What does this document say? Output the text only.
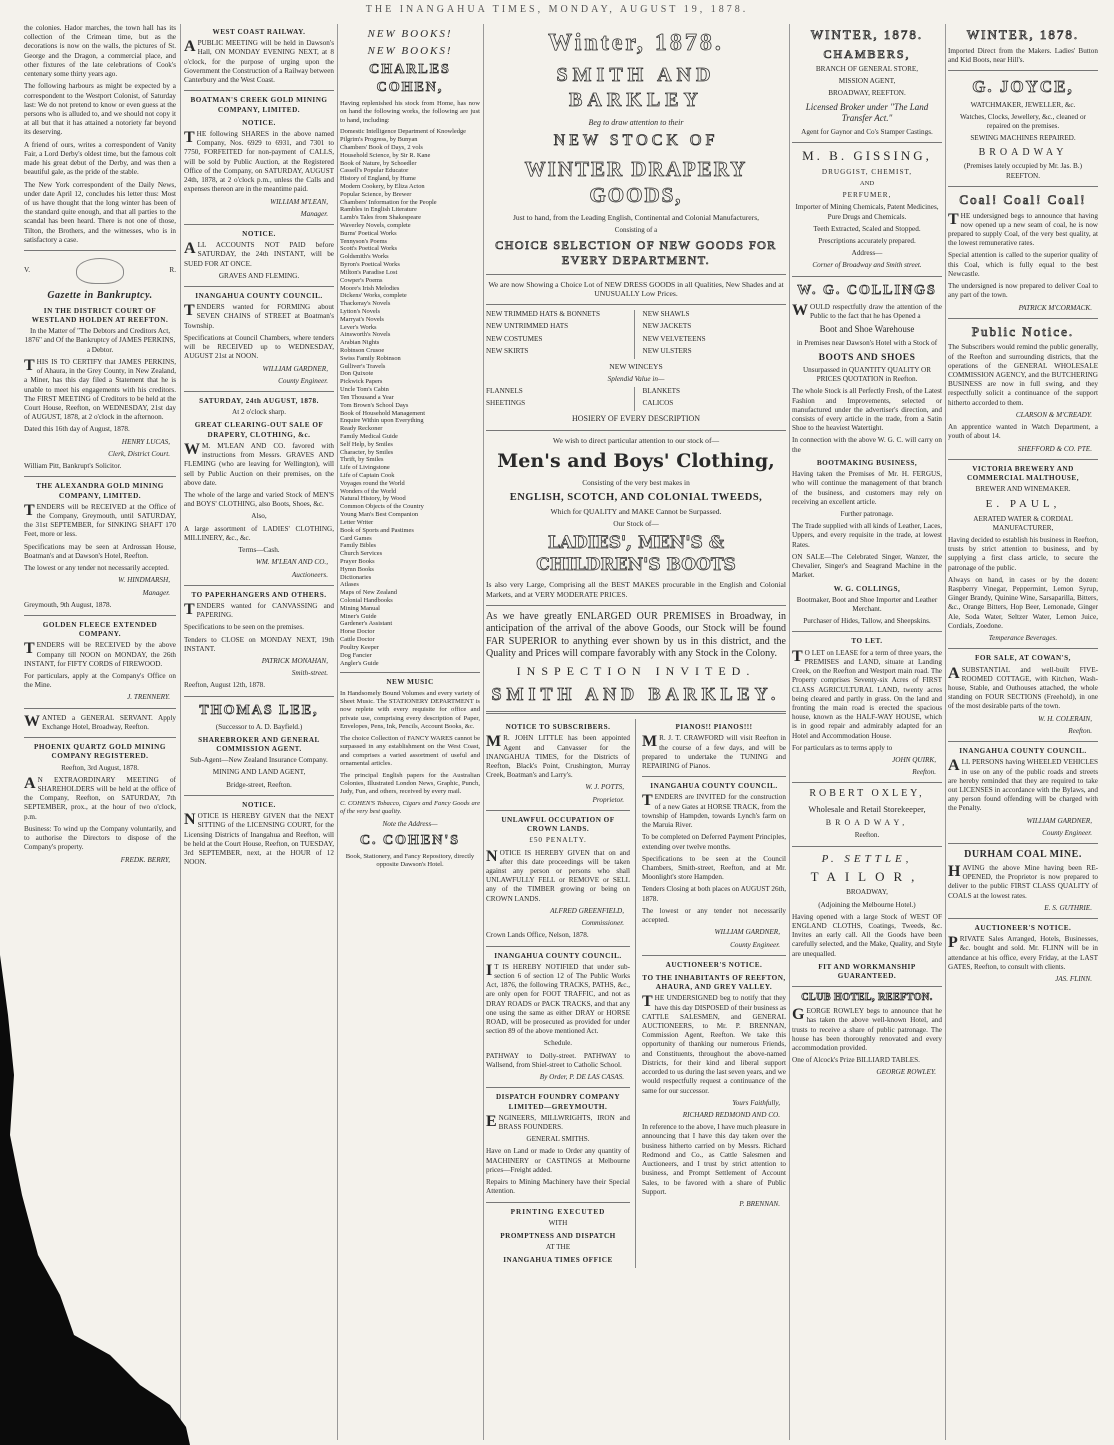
THE INANGAHUA TIMES, MONDAY, AUGUST 19, 1878.

the colonies. Hador marches, the town hall has its collection of the Crimean time, but as the decorations is now on the walls, the pictures of St. George and the Dragon, a commercial place, and other fixtures of the late celebrations of Cook's centenary some thirty years ago.

The following harbours as might be expected by a correspondent to the Westport Colonist, of Saturday last: We do not pretend to know or even guess at the persons who is alluded to, and we should not copy it at all but that it has attained a notoriety far beyond its deserving.

A friend of ours, writes a correspondent of Vanity Fair, a Lord Derby's oldest time, but the famous colt made his great debut of the Derby, and was then a beautiful gale, as the pride of the stable.

The New York correspondent of the Daily News, under date April 12, concludes his letter thus: Most of us have thought that the long winter has been of the standard quite enough, and that all parties to the scandal has been heard. There is not one of those, Tilton, the Brothers, and the witnesses, who is in satisfactory a case.

V.	R.
Gazette in Bankruptcy.
IN THE DISTRICT COURT OF WESTLAND HOLDEN AT REEFTON.

In the Matter of "The Debtors and Creditors Act, 1876" and Of the Bankruptcy of JAMES PERKINS, a Debtor.

THIS IS TO CERTIFY that JAMES PERKINS, of Ahaura, in the Grey County, in New Zealand, a Miner, has this day filed a Statement that he is unable to meet his engagements with his creditors. The FIRST MEETING of Creditors to be held at the Court House, Reefton, on WEDNESDAY, 21st day of AUGUST, 1878, at 2 o'clock in the afternoon.

Dated this 16th day of August, 1878.

HENRY LUCAS,

Clerk, District Court.

William Pitt, Bankrupt's Solicitor.

THE ALEXANDRA GOLD MINING COMPANY, LIMITED.

TENDERS will be RECEIVED at the Office of the Company, Greymouth, until SATURDAY, the 31st SEPTEMBER, for SINKING SHAFT 170 Feet, more or less.

Specifications may be seen at Ardrossan House, Boatman's and at Dawson's Hotel, Reefton.

The lowest or any tender not necessarily accepted.

W. HINDMARSH,

Manager.

Greymouth, 9th August, 1878.

GOLDEN FLEECE EXTENDED COMPANY.

TENDERS will be RECEIVED by the above Company till NOON on MONDAY, the 26th INSTANT, for FIFTY CORDS of FIREWOOD.

For particulars, apply at the Company's Office on the Mine.

J. TRENNERY.

WANTED a GENERAL SERVANT. Apply Exchange Hotel, Broadway, Reefton.

PHOENIX QUARTZ GOLD MINING COMPANY REGISTERED.

Reefton, 3rd August, 1878.

AN EXTRAORDINARY MEETING of SHAREHOLDERS will be held at the office of the Company, Reefton, on SATURDAY, 7th SEPTEMBER, prox., at the hour of two o'clock, p.m.

Business: To wind up the Company voluntarily, and to authorise the Directors to dispose of the Company's property.

FREDK. BERRY,

WEST COAST RAILWAY.

APUBLIC MEETING will be held in Dawson's Hall, ON MONDAY EVENING NEXT, at 8 o'clock, for the purpose of urging upon the Government the Construction of a Railway between Canterbury and the West Coast.

BOATMAN'S CREEK GOLD MINING COMPANY, LIMITED.
NOTICE.

THE following SHARES in the above named Company, Nos. 6929 to 6931, and 7301 to 7750, FORFEITED for non-payment of CALLS, will be sold by Public Auction, at the Registered Office of the Company, on SATURDAY, AUGUST 24th, 1878, at 2 o'clock p.m., unless the Calls and expenses thereon are in the meantime paid.

WILLIAM M'LEAN,

Manager.

NOTICE.

ALL ACCOUNTS NOT PAID before SATURDAY, the 24th INSTANT, will be SUED FOR AT ONCE.

GRAVES AND FLEMING.

INANGAHUA COUNTY COUNCIL.

TENDERS wanted for FORMING about SEVEN CHAINS of STREET at Boatman's Township.

Specifications at Council Chambers, where tenders will be RECEIVED up to WEDNESDAY, AUGUST 21st at NOON.

WILLIAM GARDNER,

County Engineer.

SATURDAY, 24th AUGUST, 1878.

At 2 o'clock sharp.

GREAT CLEARING-OUT SALE OF DRAPERY, CLOTHING, &c.

WM. M'LEAN AND CO. favored with instructions from Messrs. GRAVES AND FLEMING (who are leaving for Wellington), will sell by Public Auction on their premises, on the above date.

The whole of the large and varied Stock of MEN'S and BOYS' CLOTHING, also Boots, Shoes, &c.

Also,

A large assortment of LADIES' CLOTHING, MILLINERY, &c., &c.

Terms—Cash.

WM. M'LEAN AND CO.,

Auctioneers.

TO PAPERHANGERS AND OTHERS.

TENDERS wanted for CANVASSING and PAPERING.

Specifications to be seen on the premises.

Tenders to CLOSE on MONDAY NEXT, 19th INSTANT.

PATRICK MONAHAN,

Smith-street.

Reefton, August 12th, 1878.

THOMAS LEE,

(Successor to A. D. Bayfield.)

SHAREBROKER AND GENERAL COMMISSION AGENT.

Sub-Agent—New Zealand Insurance Company.

MINING AND LAND AGENT,

Bridge-street, Reefton.

NOTICE.

NOTICE IS HEREBY GIVEN that the NEXT SITTING of the LICENSING COURT, for the Licensing Districts of Inangahua and Reefton, will be held at the Court House, Reefton, on TUESDAY, 3rd SEPTEMBER, next, at the HOUR of 12 NOON.

NEW BOOKS!
NEW BOOKS!
CHARLES COHEN,

Having replenished his stock from Home, has now on hand the following works, the following are just to hand, including:

Domestic Intelligence Department of Knowledge

Pilgrim's Progress, by Bunyan

Chambers' Book of Days, 2 vols

Household Science, by Sir R. Kane

Book of Nature, by Schoedler

Cassell's Popular Educator

History of England, by Hume

Modern Cookery, by Eliza Acton

Popular Science, by Brewer

Chambers' Information for the People

Rambles in English Literature

Lamb's Tales from Shakespeare

Waverley Novels, complete

Burns' Poetical Works

Tennyson's Poems

Scott's Poetical Works

Goldsmith's Works

Byron's Poetical Works

Milton's Paradise Lost

Cowper's Poems

Moore's Irish Melodies

Dickens' Works, complete

Thackeray's Novels

Lytton's Novels

Marryat's Novels

Lever's Works

Ainsworth's Novels

Arabian Nights

Robinson Crusoe

Swiss Family Robinson

Gulliver's Travels

Don Quixote

Pickwick Papers

Uncle Tom's Cabin

Ten Thousand a Year

Tom Brown's School Days

Book of Household Management

Enquire Within upon Everything

Ready Reckoner

Family Medical Guide

Self Help, by Smiles

Character, by Smiles

Thrift, by Smiles

Life of Livingstone

Life of Captain Cook

Voyages round the World

Wonders of the World

Natural History, by Wood

Common Objects of the Country

Young Man's Best Companion

Letter Writer

Book of Sports and Pastimes

Card Games

Family Bibles

Church Services

Prayer Books

Hymn Books

Dictionaries

Atlases

Maps of New Zealand

Colonial Handbooks

Mining Manual

Miner's Guide

Gardener's Assistant

Horse Doctor

Cattle Doctor

Poultry Keeper

Dog Fancier

Angler's Guide

NEW MUSIC

In Handsomely Bound Volumes and every variety of Sheet Music. The STATIONERY DEPARTMENT is now replete with every requisite for office and private use, comprising every description of Paper, Envelopes, Pens, Ink, Pencils, Account Books, &c.

The choice Collection of FANCY WARES cannot be surpassed in any establishment on the West Coast, and comprises a varied assortment of useful and ornamental articles.

The principal English papers for the Australian Colonies, Illustrated London News, Graphic, Punch, Judy, Fun, and others, received by every mail.

C. COHEN'S Tobacco, Cigars and Fancy Goods are of the very best quality.

Note the Address—

C. COHEN'S

Book, Stationery, and Fancy Repository, directly opposite Dawson's Hotel.

Winter, 1878.
SMITH AND BARKLEY

Beg to draw attention to their

NEW STOCK OF
WINTER DRAPERY GOODS,

Just to hand, from the Leading English, Continental and Colonial Manufacturers,

Consisting of a

CHOICE SELECTION OF NEW GOODS FOR EVERY DEPARTMENT.

We are now Showing a Choice Lot of NEW DRESS GOODS in all Qualities, New Shades and at UNUSUALLY Low Prices.

NEW TRIMMED HATS & BONNETS

NEW UNTRIMMED HATS

NEW COSTUMES

NEW SKIRTS

NEW SHAWLS

NEW JACKETS

NEW VELVETEENS

NEW ULSTERS

NEW WINCEYS

Splendid Value in—

FLANNELS

SHEETINGS

BLANKETS

CALICOS

HOSIERY OF EVERY DESCRIPTION

We wish to direct particular attention to our stock of—

Men's and Boys' Clothing,

Consisting of the very best makes in

ENGLISH, SCOTCH, AND COLONIAL TWEEDS,

Which for QUALITY and MAKE Cannot be Surpassed.

Our Stock of—

LADIES', MEN'S & CHILDREN'S BOOTS

Is also very Large, Comprising all the BEST MAKES procurable in the English and Colonial Markets, and at VERY MODERATE PRICES.

As we have greatly ENLARGED OUR PREMISES in Broadway, in anticipation of the arrival of the above Goods, our Stock will be found FAR SUPERIOR to anything ever shown by us in this district, and the Quality and Prices will compare favorably with any Stock in the Colony.

INSPECTION INVITED.
SMITH AND BARKLEY.
NOTICE TO SUBSCRIBERS.

MR. JOHN LITTLE has been appointed Agent and Canvasser for the INANGAHUA TIMES, for the Districts of Reefton, Black's Point, Crushington, Murray Creek, Boatman's and Larry's.

W. J. POTTS,

Proprietor.

UNLAWFUL OCCUPATION OF CROWN LANDS.

£50 PENALTY.

NOTICE IS HEREBY GIVEN that on and after this date proceedings will be taken against any person or persons who shall UNLAWFULLY FELL or REMOVE or SELL any of the TIMBER growing or being on CROWN LANDS.

ALFRED GREENFIELD,

Commissioner.

Crown Lands Office, Nelson, 1878.

INANGAHUA COUNTY COUNCIL.

IT IS HEREBY NOTIFIED that under sub-section 6 of section 12 of The Public Works Act, 1876, the following TRACKS, PATHS, &c., are only open for FOOT TRAFFIC, and not as DRAY ROADS or PACK TRACKS, and that any one using the same as either DRAY or HORSE ROAD, will be prosecuted as provided for under section 89 of the above mentioned Act.

Schedule.

PATHWAY to Dolly-street. PATHWAY to Wallsend, from Shiel-street to Catholic School.

By Order, P. DE LAS CASAS.

DISPATCH FOUNDRY COMPANY LIMITED—GREYMOUTH.

ENGINEERS, MILLWRIGHTS, IRON and BRASS FOUNDERS.

GENERAL SMITHS.

Have on Land or made to Order any quantity of MACHINERY or CASTINGS at Melbourne prices—Freight added.

Repairs to Mining Machinery have their Special Attention.

PRINTING EXECUTED

WITH

PROMPTNESS AND DISPATCH

AT THE

INANGAHUA TIMES OFFICE
PIANOS!! PIANOS!!!

MR. J. T. CRAWFORD will visit Reefton in the course of a few days, and will be prepared to undertake the TUNING and REPAIRING of Pianos.

INANGAHUA COUNTY COUNCIL.

TENDERS are INVITED for the construction of a new Gates at HORSE TRACK, from the township of Hampden, towards Lynch's farm on the Maruia River.

To be completed on Deferred Payment Principles, extending over twelve months.

Specifications to be seen at the Council Chambers, Smith-street, Reefton, and at Mr. Moonlight's store Hampden.

Tenders Closing at both places on AUGUST 26th, 1878.

The lowest or any tender not necessarily accepted.

WILLIAM GARDNER,

County Engineer.

AUCTIONEER'S NOTICE.
TO THE INHABITANTS OF REEFTON, AHAURA, AND GREY VALLEY.

THE UNDERSIGNED beg to notify that they have this day DISPOSED of their business as CATTLE SALESMEN, and GENERAL AUCTIONEERS, to Mr. P. BRENNAN, Commission Agent, Reefton. We take this opportunity of thanking our numerous Friends, and Constituents, throughout the above-named Districts, for their kind and liberal support accorded to us during the last seven years, and we would respectfully request a continuance of the same for our successor.

Yours Faithfully,

RICHARD REDMOND AND CO.

In reference to the above, I have much pleasure in announcing that I have this day taken over the business hitherto carried on by Messrs. Richard Redmond and Co., as Cattle Salesmen and Auctioneers, and I trust by strict attention to business, and Prompt Settlement of Account Sales, to be favored with a share of Public Support.

P. BRENNAN.

WINTER, 1878.
CHAMBERS,

BRANCH OF GENERAL STORE,

MISSION AGENT,

BROADWAY, REEFTON.

Licensed Broker under "The Land Transfer Act."

Agent for Gaynor and Co's Stamper Castings.

M. B. GISSING,

DRUGGIST, CHEMIST,

AND

PERFUMER,

Importer of Mining Chemicals, Patent Medicines, Pure Drugs and Chemicals.

Teeth Extracted, Scaled and Stopped.

Prescriptions accurately prepared.

Address—

Corner of Broadway and Smith street.

W. G. COLLINGS

WOULD respectfully draw the attention of the Public to the fact that he has Opened a

Boot and Shoe Warehouse

in Premises near Dawson's Hotel with a Stock of

BOOTS AND SHOES

Unsurpassed in QUANTITY QUALITY OR PRICES QUOTATION in Reefton.

The whole Stock is all Perfectly Fresh, of the Latest Fashion and Improvements, selected or manufactured under the advertiser's direction, and consists of every article in the trade, from a Satin Shoe to the heaviest Watertight.

In connection with the above W. G. C. will carry on the

BOOTMAKING BUSINESS,

Having taken the Premises of Mr. H. FERGUS, who will continue the management of that branch of the business, and customers may rely on receiving an excellent article.

Further patronage.

The Trade supplied with all kinds of Leather, Laces, Uppers, and every requisite in the trade, at lowest Rates.

ON SALE—The Celebrated Singer, Wanzer, the Chevalier, Singer's and Seagrand Machine in the Market.

W. G. COLLINGS,

Bootmaker, Boot and Shoe Importer and Leather Merchant.

Purchaser of Hides, Tallow, and Sheepskins.

TO LET.

TO LET on LEASE for a term of three years, the PREMISES and LAND, situate at Landing Creek, on the Reefton and Westport main road. The Property comprises Seventy-six Acres of FIRST CLASS AGRICULTURAL LAND, twenty acres being cleared and partly in grass. On the land and fronting the main road is erected the spacious house, known as the HALF-WAY HOUSE, which is in good repair and admirably adapted for an Hotel and Accommodation House.

For particulars as to terms apply to

JOHN QUIRK,

Reefton.

ROBERT OXLEY,

Wholesale and Retail Storekeeper,

BROADWAY,

Reefton.

P. SETTLE,
TAILOR,

BROADWAY,

(Adjoining the Melbourne Hotel.)

Having opened with a large Stock of WEST OF ENGLAND CLOTHS, Coatings, Tweeds, &c. Invites an early call. All the Goods have been carefully selected, and the Make, Quality, and Style are unequalled.

FIT AND WORKMANSHIP GUARANTEED.
CLUB HOTEL, REEFTON.

GEORGE ROWLEY begs to announce that he has taken the above well-known Hotel, and trusts to receive a share of public patronage. The house has been thoroughly renovated and every accommodation provided.

One of Alcock's Prize BILLIARD TABLES.

GEORGE ROWLEY.

WINTER, 1878.

Imported Direct from the Makers. Ladies' Button and Kid Boots, near Hill's.

G. JOYCE,

WATCHMAKER, JEWELLER, &c.

Watches, Clocks, Jewellery, &c., cleaned or repaired on the premises.

SEWING MACHINES REPAIRED.

BROADWAY

(Premises lately occupied by Mr. Jas. B.) REEFTON.

Coal! Coal! Coal!

THE undersigned begs to announce that having now opened up a new seam of coal, he is now prepared to supply Coal, of the very best quality, at the lowest remunerative rates.

Special attention is called to the superior quality of this Coal, which is fully equal to the best Newcastle.

The undersigned is now prepared to deliver Coal to any part of the town.

PATRICK M'CORMACK.

Public Notice.

The Subscribers would remind the public generally, of the Reefton and surrounding districts, that the operations of the GENERAL WHOLESALE COMMISSION AGENCY, and the BUTCHERING BUSINESS are now in full swing, and they respectfully solicit a continuance of the support hitherto accorded to them.

CLARSON & M'CREADY.

An apprentice wanted in Watch Department, a youth of about 14.

SHEFFORD & CO. PTE.

VICTORIA BREWERY AND COMMERCIAL MALTHOUSE,

BREWER AND WINEMAKER.

E. PAUL,

AERATED WATER & CORDIAL MANUFACTURER,

Having decided to establish his business in Reefton, trusts by strict attention to business, and by supplying a first class article, to secure the patronage of the public.

Always on hand, in cases or by the dozen: Raspberry Vinegar, Peppermint, Lemon Syrup, Ginger Brandy, Quinine Wine, Sarsaparilla, Bitters, &c., Orange Bitters, Hop Beer, Lemonade, Ginger Ale, Soda Water, Seltzer Water, Lemon Juice, Cordials, Zoedone.

Temperance Beverages.

FOR SALE, AT COWAN'S,

ASUBSTANTIAL and well-built FIVE-ROOMED COTTAGE, with Kitchen, Wash-house, Stable, and Outhouses attached, the whole standing on FOUR SECTIONS (Freehold), in one of the most desirable parts of the town.

W. H. COLERAIN,

Reefton.

INANGAHUA COUNTY COUNCIL.

ALL PERSONS having WHEELED VEHICLES in use on any of the public roads and streets are hereby reminded that they are required to take out LICENSES in accordance with the Bylaws, and any person found offending will be charged with the Penalty.

WILLIAM GARDNER,

County Engineer.

DURHAM COAL MINE.

HAVING the above Mine having been RE-OPENED, the Proprietor is now prepared to deliver to the public FIRST CLASS QUALITY of COALS at the lowest rates.

E. S. GUTHRIE.

AUCTIONEER'S NOTICE.

PRIVATE Sales Arranged, Hotels, Businesses, &c. bought and sold. Mr. FLINN will be in attendance at his office, every Friday, at the LAST GATES, Reefton, to consult with clients.

JAS. FLINN.
